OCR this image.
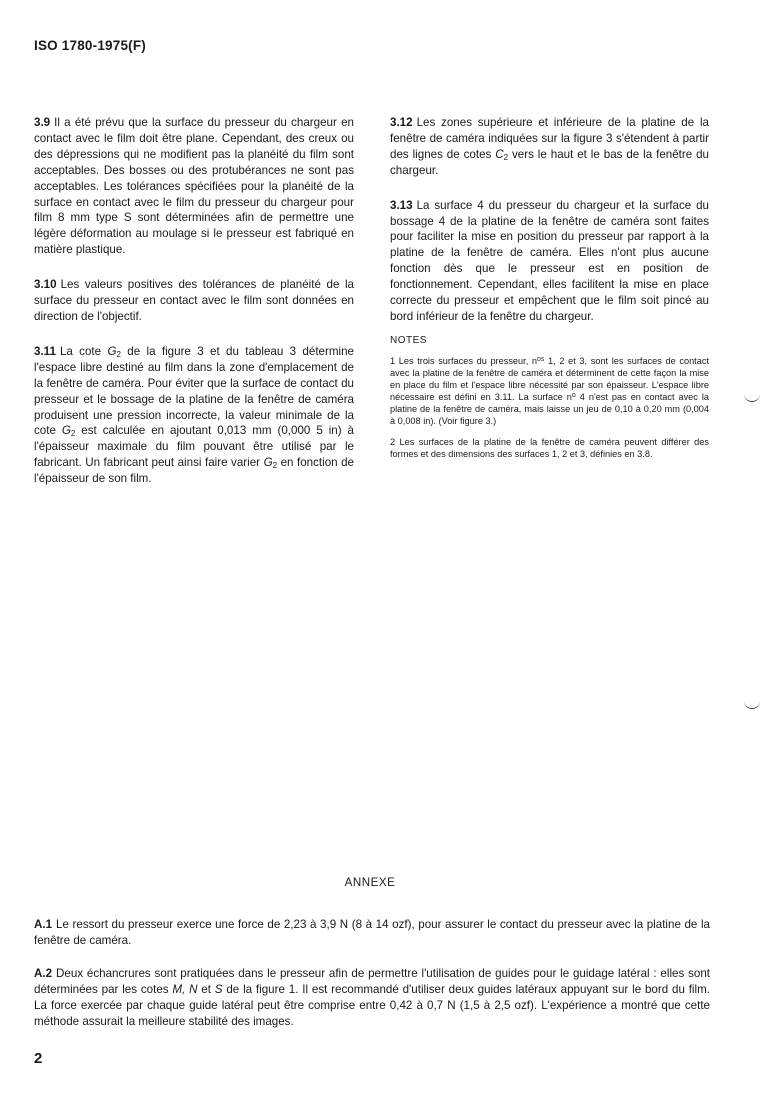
ISO 1780-1975(F)

3.9 Il a été prévu que la surface du presseur du chargeur en contact avec le film doit être plane. Cependant, des creux ou des dépressions qui ne modifient pas la planéité du film sont acceptables. Des bosses ou des protubérances ne sont pas acceptables. Les tolérances spécifiées pour la planéité de la surface en contact avec le film du presseur du chargeur pour film 8 mm type S sont déterminées afin de permettre une légère déformation au moulage si le presseur est fabriqué en matière plastique.

3.10 Les valeurs positives des tolérances de planéité de la surface du presseur en contact avec le film sont données en direction de l'objectif.

3.11 La cote $G_2$ de la figure 3 et du tableau 3 détermine l'espace libre destiné au film dans la zone d'emplacement de la fenêtre de caméra. Pour éviter que la surface de contact du presseur et le bossage de la platine de la fenêtre de caméra produisent une pression incorrecte, la valeur minimale de la cote $G_2$ est calculée en ajoutant 0,013 mm (0,000 5 in) à l'épaisseur maximale du film pouvant être utilisé par le fabricant. Un fabricant peut ainsi faire varier $G_2$ en fonction de l'épaisseur de son film.

3.12 Les zones supérieure et inférieure de la platine de la fenêtre de caméra indiquées sur la figure 3 s'étendent à partir des lignes de cotes $C_2$ vers le haut et le bas de la fenêtre du chargeur.

3.13 La surface 4 du presseur du chargeur et la surface du bossage 4 de la platine de la fenêtre de caméra sont faites pour faciliter la mise en position du presseur par rapport à la platine de la fenêtre de caméra. Elles n'ont plus aucune fonction dès que le presseur est en position de fonctionnement. Cependant, elles facilitent la mise en place correcte du presseur et empêchent que le film soit pincé au bord inférieur de la fenêtre du chargeur.

NOTES

1 Les trois surfaces du presseur, $n^{os}$ 1, 2 et 3, sont les surfaces de contact avec la platine de la fenêtre de caméra et déterminent de cette façon la mise en place du film et l'espace libre nécessité par son épaisseur. L'espace libre nécessaire est défini en 3.11. La surface $n^o$ 4 n'est pas en contact avec la platine de la fenêtre de caméra, mais laisse un jeu de 0,10 à 0,20 mm (0,004 à 0,008 in). (Voir figure 3.)

2 Les surfaces de la platine de la fenêtre de caméra peuvent différer des formes et des dimensions des surfaces 1, 2 et 3, définies en 3.8.

ANNEXE

A.1 Le ressort du presseur exerce une force de 2,23 à 3,9 N (8 à 14 ozf), pour assurer le contact du presseur avec la platine de la fenêtre de caméra.

A.2 Deux échancrures sont pratiquées dans le presseur afin de permettre l'utilisation de guides pour le guidage latéral : elles sont déterminées par les cotes M, N et S de la figure 1. Il est recommandé d'utiliser deux guides latéraux appuyant sur le bord du film. La force exercée par chaque guide latéral peut être comprise entre 0,42 à 0,7 N (1,5 à 2,5 ozf). L'expérience a montré que cette méthode assurait la meilleure stabilité des images.

2
